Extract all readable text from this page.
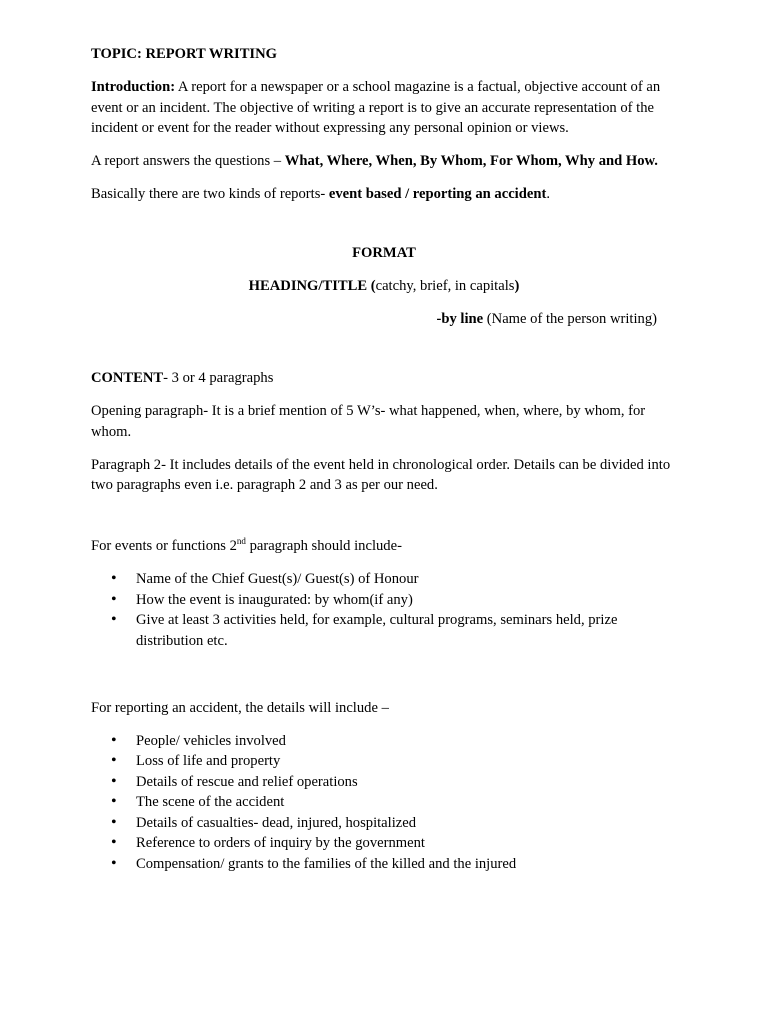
TOPIC: REPORT WRITING

Introduction: A report for a newspaper or a school magazine is a factual, objective account of an event or an incident. The objective of writing a report is to give an accurate representation of the incident or event for the reader without expressing any personal opinion or views.

A report answers the questions – What, Where, When, By Whom, For Whom, Why and How.

Basically there are two kinds of reports- event based / reporting an accident.

FORMAT

HEADING/TITLE (catchy, brief, in capitals)

-by line (Name of the person writing)

CONTENT- 3 or 4 paragraphs

Opening paragraph- It is a brief mention of 5 W’s- what happened, when, where, by whom, for whom.

Paragraph 2- It includes details of the event held in chronological order. Details can be divided into two paragraphs even i.e. paragraph 2 and 3 as per our need.

For events or functions 2nd paragraph should include-

• Name of the Chief Guest(s)/ Guest(s) of Honour
• How the event is inaugurated: by whom(if any)
• Give at least 3 activities held, for example, cultural programs, seminars held, prize distribution etc.

For reporting an accident, the details will include –

• People/ vehicles involved
• Loss of life and property
• Details of rescue and relief operations
• The scene of the accident
• Details of casualties- dead, injured, hospitalized
• Reference to orders of inquiry by the government
• Compensation/ grants to the families of the killed and the injured
